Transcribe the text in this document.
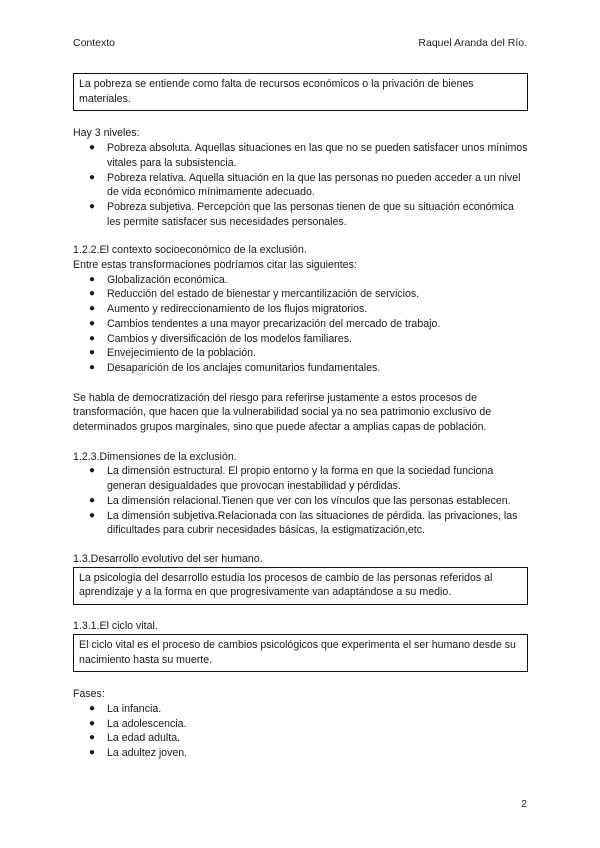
Contexto	Raquel Aranda del Río.

La pobreza se entiende como falta de recursos económicos o la privación de bienes materiales.

Hay 3 niveles:

● Pobreza absoluta. Aquellas situaciones en las que no se pueden satisfacer unos mínimos vitales para la subsistencia.
● Pobreza relativa. Aquella situación en la que las personas no pueden acceder a un nivel de vida económico mínimamente adecuado.
● Pobreza subjetiva. Percepción que las personas tienen de que su situación económica les permite satisfacer sus necesidades personales.

1.2.2.El contexto socioeconómico de la exclusión.

Entre estas transformaciones podríamos citar las siguientes:

● Globalización económica.
● Reducción del estado de bienestar y mercantilización de servicios.
● Aumento y redireccionamiento de los flujos migratorios.
● Cambios tendentes a una mayor precarización del mercado de trabajo.
● Cambios y diversificación de los modelos familiares.
● Envejecimiento de la población.
● Desaparición de los anclajes comunitarios fundamentales.

Se habla de democratización del riesgo para referirse justamente a estos procesos de transformación, que hacen que la vulnerabilidad social ya no sea patrimonio exclusivo de determinados grupos marginales, sino que puede afectar a amplias capas de población.

1.2.3.Dimensiones de la exclusión.

● La dimensión estructural. El propio entorno y la forma en que la sociedad funciona generan desigualdades que provocan inestabilidad y pérdidas.
● La dimensión relacional.Tienen que ver con los vínculos que las personas establecen.
● La dimensión subjetiva.Relacionada con las situaciones de pérdida. las privaciones, las dificultades para cubrir necesidades básicas, la estigmatización,etc.

1.3.Desarrollo evolutivo del ser humano.

La psicología del desarrollo estudia los procesos de cambio de las personas referidos al aprendizaje y a la forma en que progresivamente van adaptándose a su medio.

1.3.1.El ciclo vital.

El ciclo vital es el proceso de cambios psicológicos que experimenta el ser humano desde su nacimiento hasta su muerte.

Fases:

● La infancia.
● La adolescencia.
● La edad adulta.
● La adultez joven.
2
